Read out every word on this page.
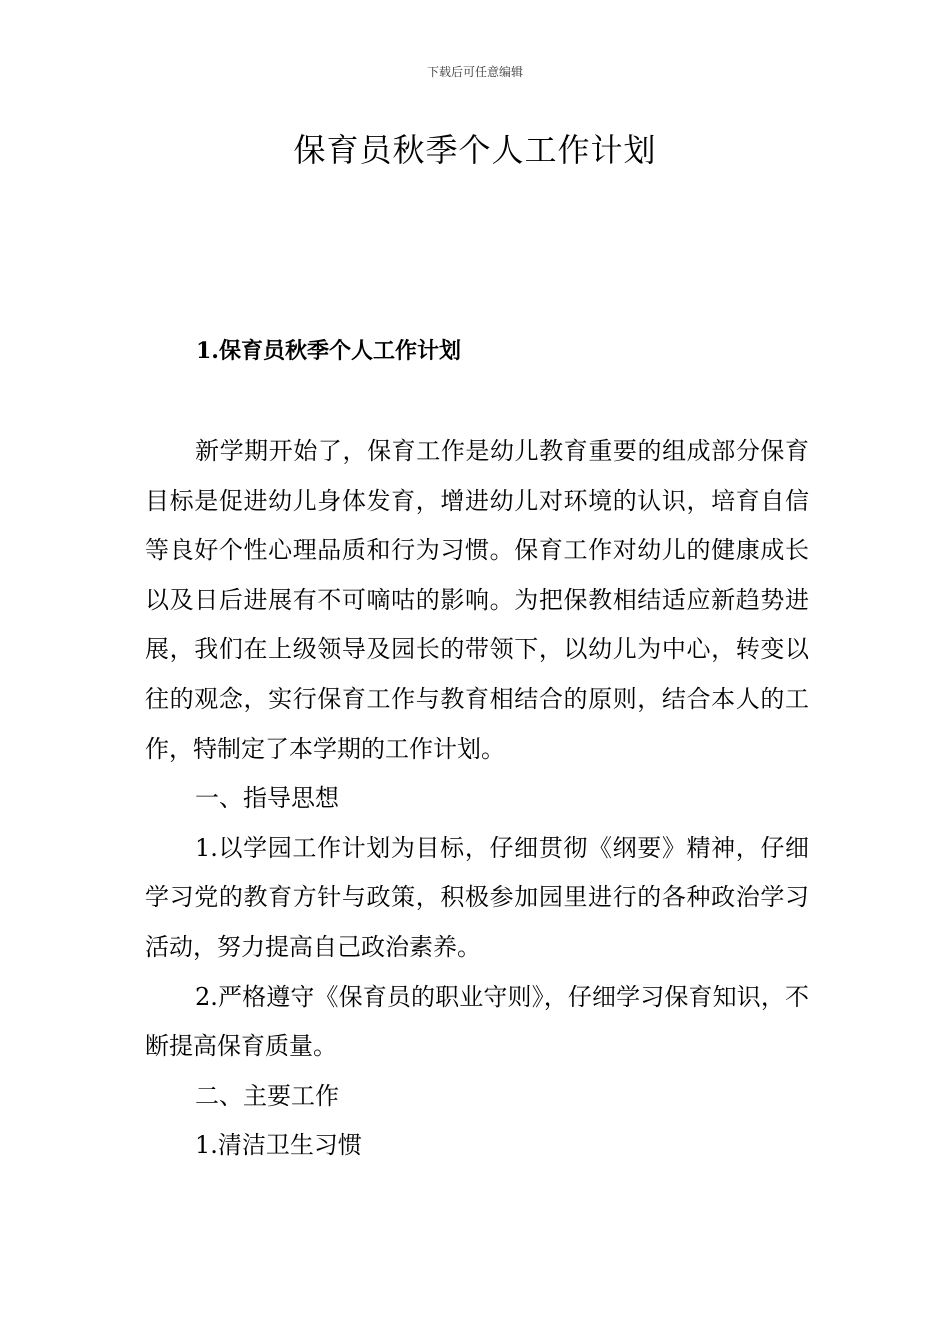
下载后可任意编辑
保育员秋季个人工作计划
1.保育员秋季个人工作计划

新学期开始了，保育工作是幼儿教育重要的组成部分保育目标是促进幼儿身体发育，增进幼儿对环境的认识，培育自信等良好个性心理品质和行为习惯。保育工作对幼儿的健康成长以及日后进展有不可嘀咕的影响。为把保教相结适应新趋势进展，我们在上级领导及园长的带领下，以幼儿为中心，转变以往的观念，实行保育工作与教育相结合的原则，结合本人的工作，特制定了本学期的工作计划。

一、指导思想

1.以学园工作计划为目标，仔细贯彻《纲要》精神，仔细学习党的教育方针与政策，积极参加园里进行的各种政治学习活动，努力提高自己政治素养。

2.严格遵守《保育员的职业守则》，仔细学习保育知识，不断提高保育质量。

二、主要工作

1.清洁卫生习惯
